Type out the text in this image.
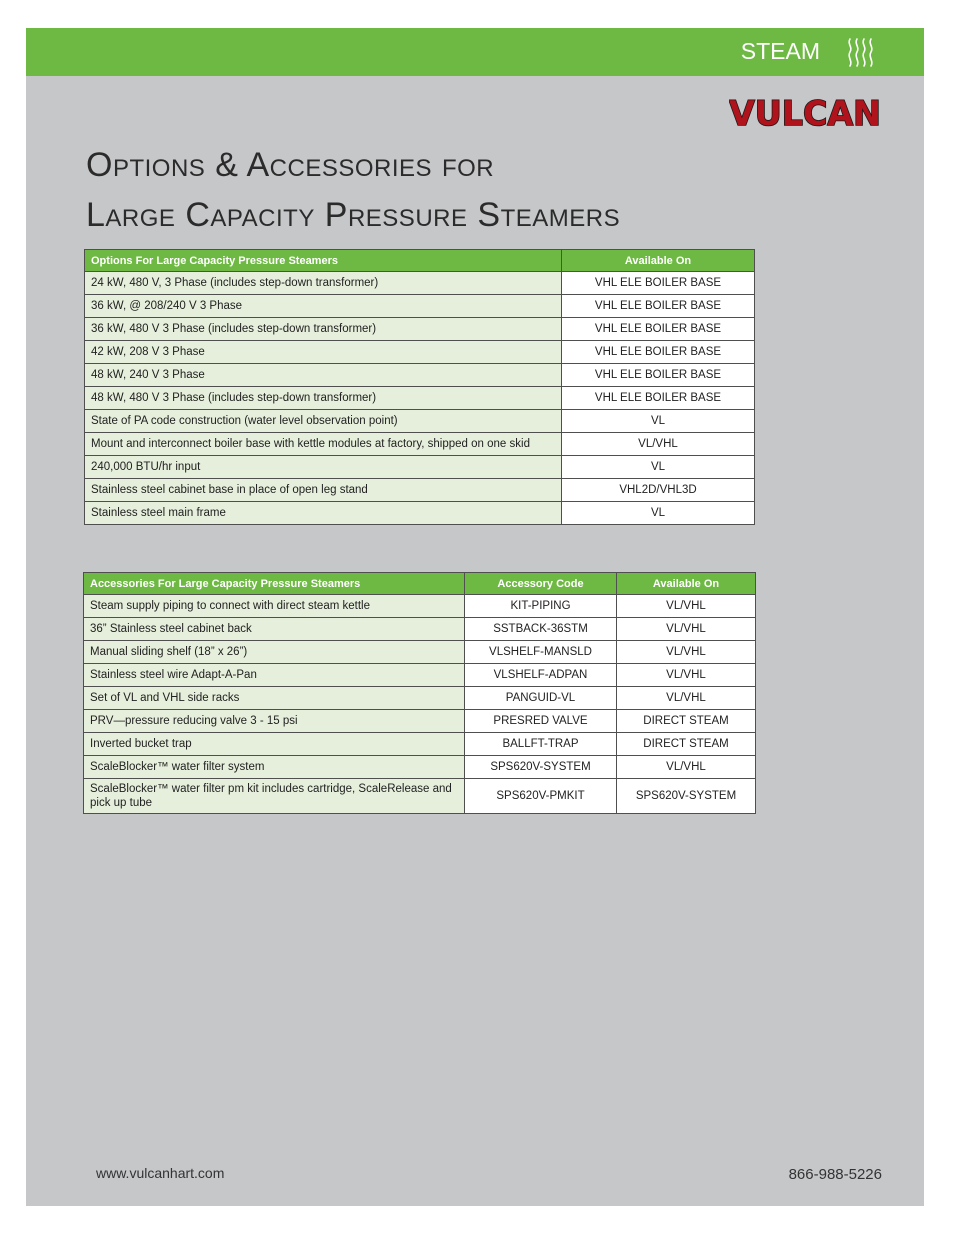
STEAM
VULCAN
Options & Accessories for
Large Capacity Pressure Steamers
Options For Large Capacity Pressure Steamers	Available On
24 kW, 480 V, 3 Phase (includes step-down transformer)	VHL ELE BOILER BASE
36 kW, @ 208/240 V 3 Phase	VHL ELE BOILER BASE
36 kW, 480 V 3 Phase (includes step-down transformer)	VHL ELE BOILER BASE
42 kW, 208 V 3 Phase	VHL ELE BOILER BASE
48 kW, 240 V 3 Phase	VHL ELE BOILER BASE
48 kW, 480 V 3 Phase (includes step-down transformer)	VHL ELE BOILER BASE
State of PA code construction (water level observation point)	VL
Mount and interconnect boiler base with kettle modules at factory, shipped on one skid	VL/VHL
240,000 BTU/hr input	VL
Stainless steel cabinet base in place of open leg stand	VHL2D/VHL3D
Stainless steel main frame	VL
Accessories For Large Capacity Pressure Steamers	Accessory Code	Available On
Steam supply piping to connect with direct steam kettle	KIT-PIPING	VL/VHL
36” Stainless steel cabinet back	SSTBACK-36STM	VL/VHL
Manual sliding shelf (18” x 26”)	VLSHELF-MANSLD	VL/VHL
Stainless steel wire Adapt-A-Pan	VLSHELF-ADPAN	VL/VHL
Set of VL and VHL side racks	PANGUID-VL	VL/VHL
PRV—pressure reducing valve 3 - 15 psi	PRESRED VALVE	DIRECT STEAM
Inverted bucket trap	BALLFT-TRAP	DIRECT STEAM
ScaleBlocker™ water filter system	SPS620V-SYSTEM	VL/VHL
ScaleBlocker™ water filter pm kit includes cartridge, ScaleRelease and pick up tube	SPS620V-PMKIT	SPS620V-SYSTEM
www.vulcanhart.com	866-988-5226
